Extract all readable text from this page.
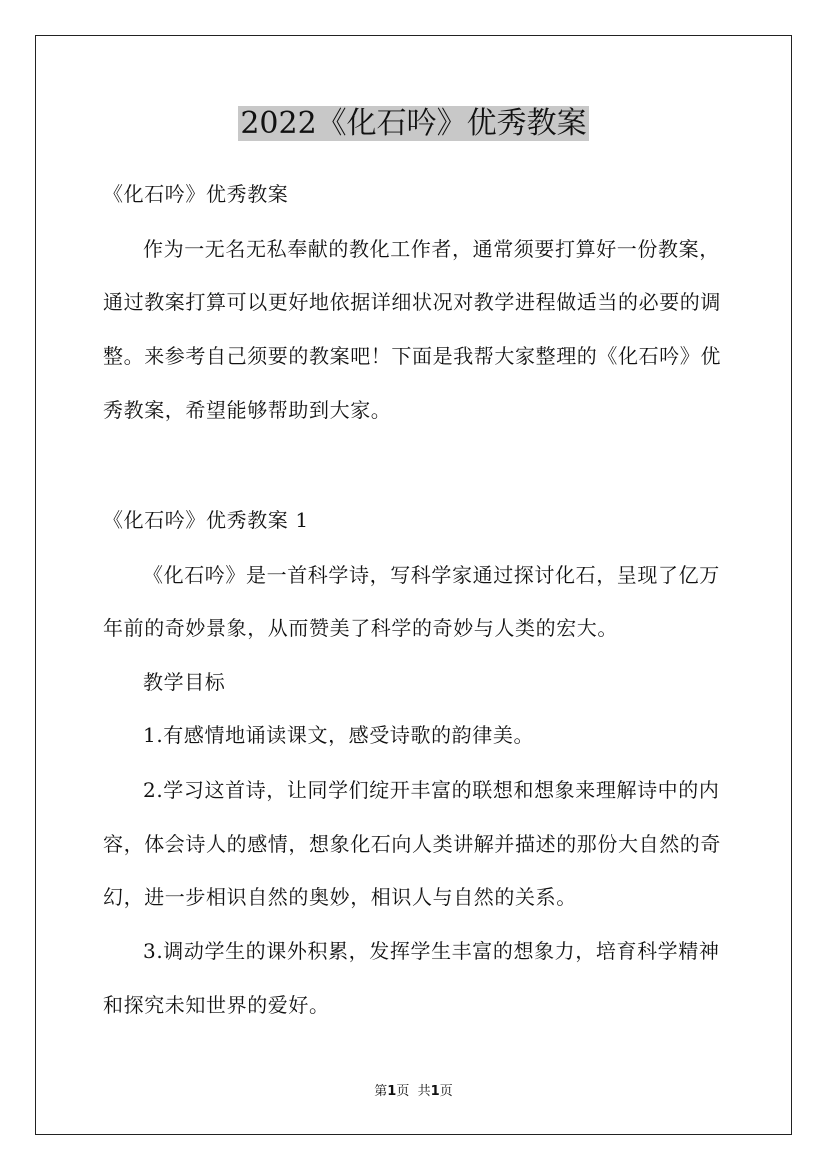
2022《化石吟》优秀教案
《化石吟》优秀教案
作为一无名无私奉献的教化工作者，通常须要打算好一份教案，
通过教案打算可以更好地依据详细状况对教学进程做适当的必要的调
整。来参考自己须要的教案吧！下面是我帮大家整理的《化石吟》优
秀教案，希望能够帮助到大家。
《化石吟》优秀教案 1
《化石吟》是一首科学诗，写科学家通过探讨化石，呈现了亿万
年前的奇妙景象，从而赞美了科学的奇妙与人类的宏大。
教学目标
1.有感情地诵读课文，感受诗歌的韵律美。
2.学习这首诗，让同学们绽开丰富的联想和想象来理解诗中的内
容，体会诗人的感情，想象化石向人类讲解并描述的那份大自然的奇
幻，进一步相识自然的奥妙，相识人与自然的关系。
3.调动学生的课外积累，发挥学生丰富的想象力，培育科学精神
和探究未知世界的爱好。
第1页 共1页
